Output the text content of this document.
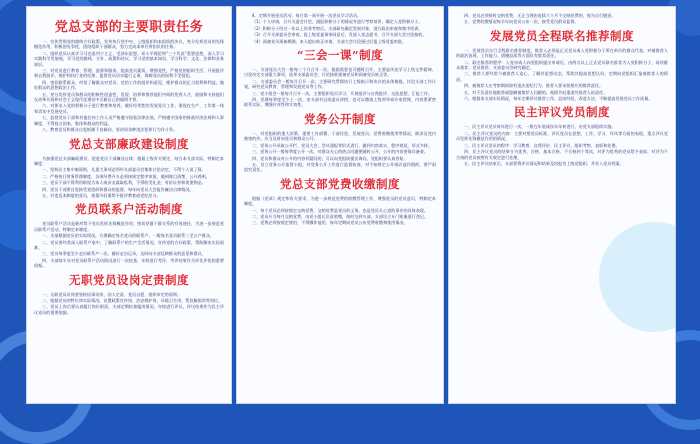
党总支部的主要职责任务

一、宣传贯彻党的路线方针政策，宣传执行党中央、上级组织和本组织的决议，充分发挥党员的先锋模范作用，积极创先争优，团结组织干部群众，努力完成本单位所担负的任务。

二、组织党员认真学习马克思列宁主义、毛泽东思想、邓小平理论和“三个代表”重要思想，深入学习实践科学发展观，学习党的路线、方针、政策和决议，学习党的基本知识，学习科学、文化、法律和业务知识。

三、对党员进行教育、管理、监督和服务，提高党员素质，增强党性，严格党的组织生活，开展批评和自我批评，维护和执行党的纪律，监督党员切实履行义务，保障党员的权利不受侵犯。

四、密切联系群众，经常了解群众对党员、党的工作的批评和意见，维护群众的正当权利和利益，做好群众的思想政治工作。

五、充分发挥党员和群众的积极性创造性，发现、培养和推荐他们中间的优秀人才，鼓励和支持他们在改革开放和社会主义现代化建设中贡献自己的聪明才智。

六、对要求入党的积极分子进行教育和培养，做好经常性的发展党员工作，重视在生产、工作第一线和青年中发展党员。

七、监督党员干部和其他任何工作人员严格遵守国家法律法规，严格遵守国家的财政经济法规和人事制度，不得侵占国家、集体和群众的利益。

八、教育党员和群众自觉抵制不良倾向，坚决同各种违法犯罪行为作斗争。

党总支部廉政建设制度

为加强党总支部廉政建设，促进党员干部廉洁自律，根据上级有关规定，结合本支部实际，特制定本制度：

一、坚持民主集中制原则，凡重大事项必须经支部委员会集体讨论决定，不得个人说了算。

二、严格执行财务管理制度，各项经费开支必须按规定程序审批，做到账目清楚、公开透明。

三、党员干部不得利用职权为本人或亲友谋取私利，不得收受礼金、有价证券和贵重物品。

四、党员干部要自觉接受党组织和群众的监督，每年向党员大会报告廉洁自律情况。

五、对违反本制度的党员，视情节轻重给予批评教育或党纪处分。

党员联系户活动制度

党员联系户活动是新形势下党员发挥先锋模范作用、密切党群干群关系的有效途径，为进一步规范党员联系户活动，特制定本制度。

一、支部根据党员的实际情况，合理确定每名党员的联系户，一般每名党员联系三至五户群众。

二、党员要经常深入联系户家中，了解联系户的生产生活情况，宣传党的方针政策，帮助解决实际困难。

三、党员每季度至少走访联系户一次，做好走访记录，及时向支部反映群众的意见和建议。

四、支部每半年对党员联系户活动情况进行一次检查，年终进行考评，考评结果作为评先评优的重要依据。

无职党员设岗定责制度

一、无职党员设岗要坚持因事设岗、因人定责、党员自愿、组织审定的原则。

二、根据党员的特长和实际情况，设置政策宣传岗、治安维护岗、环境卫生岗、帮扶解困岗等岗位。

三、党员上岗后要认真履行岗位职责，支部定期检查履岗情况，年终进行评议，评议结果作为民主评议党员的重要依据。

4、定期开展党员活动，每月第一周开展一次党员学习活动。

（1）个人申请，召开支委会讨论，通报积极分子的情况并进行考察培养，确定入党积极分子。

（2）积极分子经过一年以上培养考察后，支部研究确定发展对象，进行政治审查和集中培训。

（3）召开支部委员会审查，报上级党委预审同意后，发放入党志愿书，召开支部大会讨论接收。

（4）预备党员预备期满，本人提出转正申请，支部大会讨论通过后报上级党委审批。

“三会一课”制度

一、支部党员大会一般每三个月召开一次，根据需要也可随时召开，主要是传达学习上级文件精神、讨论决定支部重大事项、选举支部委员会、讨论接收预备党员和预备党员转正等。

二、支部委员会一般每月召开一次，主要研究贯彻执行上级指示和决议的具体措施，讨论支部工作计划，研究党员教育、管理和发展党员等工作。

三、党小组会一般每月召开一次，主要组织党员学习、开展批评与自我批评、交流思想、汇报工作。

四、党课每季度至少上一次，由支部书记或委员讲授，也可以邀请上级领导或专家授课，内容要紧密联系实际，增强针对性和实效性。

党务公开制度

一、对党组织的重大决策、重要工作部署、干部任免、发展党员、党费收缴使用等情况，除涉及党内秘密的外，应当及时向党员和群众公开。

二、党务公开采取公开栏、党员大会、会议通报等形式进行，做到内容真实、程序规范、形式多样。

三、党务公开一般每季度公开一次，对群众关心的热点问题要随时公开，公开的内容要保存备查。

四、党员和群众对公开的内容有疑问的，可以向党组织提出询问，党组织要认真答复。

五、设立党务公开监督小组，对党务公开工作进行监督检查，对不按规定公开或弄虚作假的，要严肃追究责任。

党总支部党费收缴制度

根据《党章》规定和有关要求，为进一步规范党费的收缴管理工作，增强党员的党员意识，特制定本制度。

一、每个党员必须按规定交纳党费，交纳党费是党员的义务，也是党员关心党的事业的具体表现。

二、党员应当每月交纳党费，由党小组长负责收缴，按时交到支部，支部设立专门账册进行登记。

三、党费必须按规定使用，不得挪作他用，每年定期向党员公布党费收缴和使用情况。

四、党员必须按时交纳党费，无正当理由连续六个月不交纳党费的，视为自行脱党。

五、党费收缴情况每半年向党员公布一次，接受党员群众监督。

发展党员全程联名推荐制度

一、发展党员实行全程联名推荐制度，推荐人必须是正式党员或入党积极分子所在单位的群众代表，对被推荐人的政治表现、工作能力、道德品质等方面负有推荐责任。

二、联名推荐的程序：入党申请人向党组织提出申请后，由两名以上正式党员联名推荐为入党积极分子，再经群众推荐、党员推荐、支部委员会研究确定。

三、推荐人要经常与被推荐人谈心，了解其思想动态，帮助其提高思想认识，定期向党组织汇报被推荐人的情况。

四、被推荐人在考察期间如有违法违纪行为，推荐人要承担相应的推荐责任。

五、对不负责任地推荐或隐瞒被推荐人问题的，视情节轻重追究推荐人的责任。

六、根据本支部实际情况，每年定期评议推荐工作，总结经验，改进方法，不断提高发展党员工作质量。

民主评议党员制度

一、民主评议党员每年进行一次，一般在年底或次年年初进行，由党支部组织实施。

二、民主评议党员的内容：主要对照党员标准，评议党员在思想、工作、学习、作风等方面的表现，重点评议党员发挥先锋模范作用的情况。

三、民主评议党员的程序：学习教育、自我评价、民主评议、组织考察、表彰和处理。

四、民主评议党员的结果分为优秀、合格、基本合格、不合格四个等次，对评为优秀的党员给予表彰，对评为不合格的党员按照有关规定进行处理。

五、民主评议结束后，支部要将评议情况和结果及时报告上级党组织，并存入党员档案。
